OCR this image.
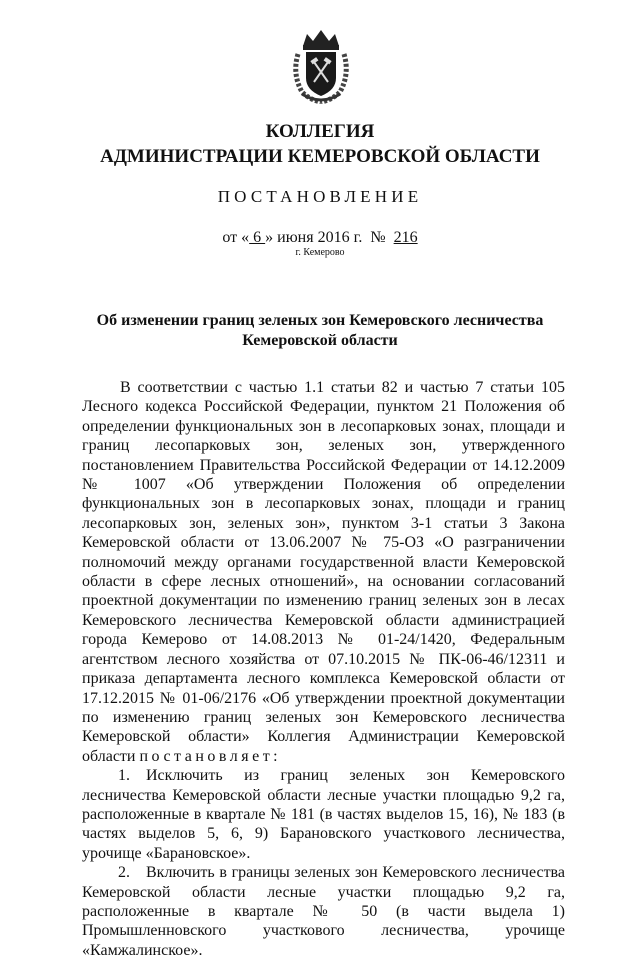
КОЛЛЕГИЯ
АДМИНИСТРАЦИИ КЕМЕРОВСКОЙ ОБЛАСТИ
ПОСТАНОВЛЕНИЕ
от « 6 » июня 2016 г. № 216
г. Кемерово
Об изменении границ зеленых зон Кемеровского лесничества
Кемеровской области

В соответствии с частью 1.1 статьи 82 и частью 7 статьи 105 Лесного кодекса Российской Федерации, пунктом 21 Положения об определении функциональных зон в лесопарковых зонах, площади и границ лесопарковых зон, зеленых зон, утвержденного постановлением Правительства Российской Федерации от 14.12.2009 № 1007 «Об утверждении Положения об определении функциональных зон в лесопарковых зонах, площади и границ лесопарковых зон, зеленых зон», пунктом 3-1 статьи 3 Закона Кемеровской области от 13.06.2007 № 75-ОЗ «О разграничении полномочий между органами государственной власти Кемеровской области в сфере лесных отношений», на основании согласований проектной документации по изменению границ зеленых зон в лесах Кемеровского лесничества Кемеровской области администрацией города Кемерово от 14.08.2013 № 01-24/1420, Федеральным агентством лесного хозяйства от 07.10.2015 № ПК-06-46/12311 и приказа департамента лесного комплекса Кемеровской области от 17.12.2015 № 01-06/2176 «Об утверждении проектной документации по изменению границ зеленых зон Кемеровского лесничества Кемеровской области» Коллегия Администрации Кемеровской области постановляет:

1. Исключить из границ зеленых зон Кемеровского лесничества Кемеровской области лесные участки площадью 9,2 га, расположенные в квартале № 181 (в частях выделов 15, 16), № 183 (в частях выделов 5, 6, 9) Барановского участкового лесничества, урочище «Барановское».

2. Включить в границы зеленых зон Кемеровского лесничества Кемеровской области лесные участки площадью 9,2 га, расположенные в квартале № 50 (в части выдела 1) Промышленновского участкового лесничества, урочище «Камжалинское».
